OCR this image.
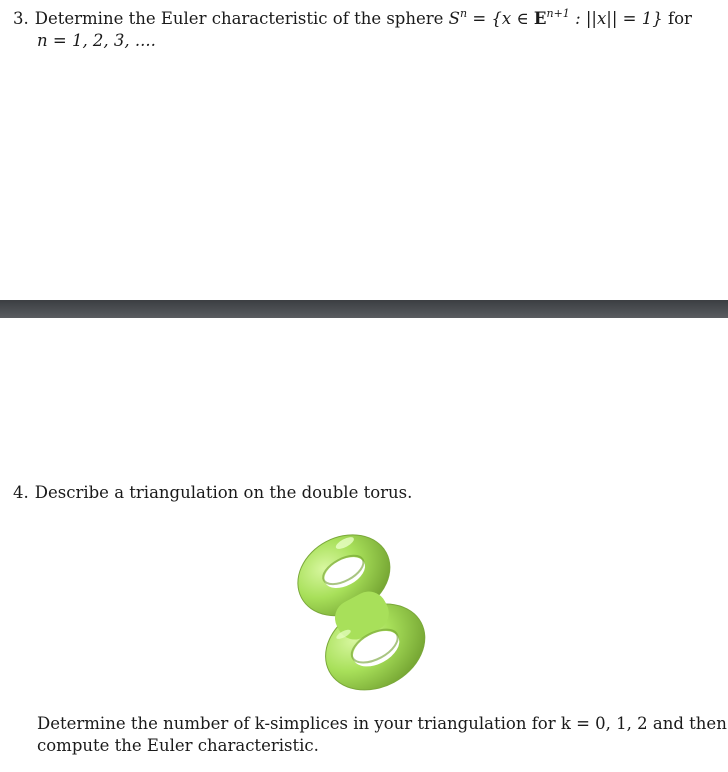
3. Determine the Euler characteristic of the sphere $S^n = \{x$ ∈ $E^{n+1}$ : ||x|| = 1} for
n = 1, 2, 3, ....
4. Describe a triangulation on the double torus.
Determine the number of k-simplices in your triangulation for k = 0, 1, 2 and then
compute the Euler characteristic.
